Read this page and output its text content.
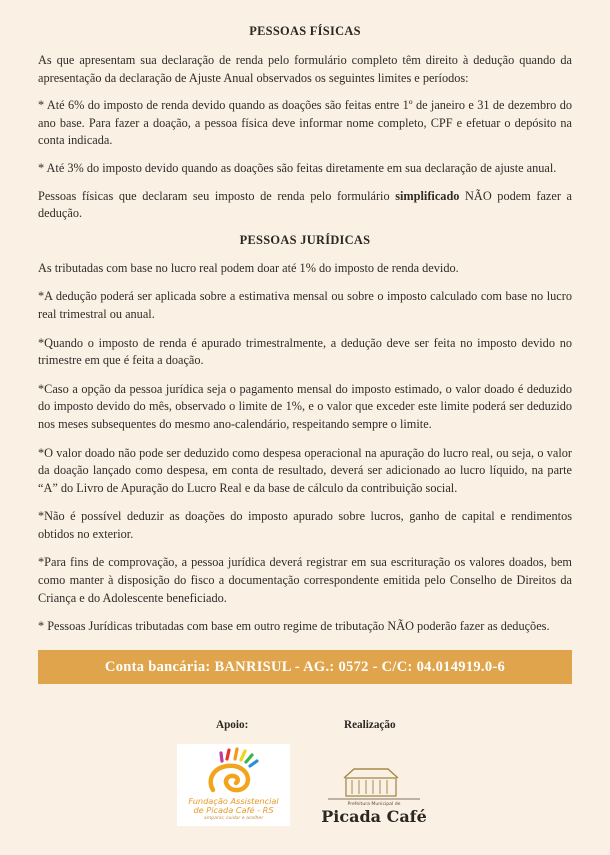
PESSOAS FÍSICAS

As que apresentam sua declaração de renda pelo formulário completo têm direito à dedução quando da apresentação da declaração de Ajuste Anual observados os seguintes limites e períodos:

* Até 6% do imposto de renda devido quando as doações são feitas entre 1º de janeiro e 31 de dezembro do ano base. Para fazer a doação, a pessoa física deve informar nome completo, CPF e efetuar o depósito na conta indicada.

* Até 3% do imposto devido quando as doações são feitas diretamente em sua declaração de ajuste anual.

Pessoas físicas que declaram seu imposto de renda pelo formulário simplificado NÃO podem fazer a dedução.

PESSOAS JURÍDICAS

As tributadas com base no lucro real podem doar até 1% do imposto de renda devido.

*A dedução poderá ser aplicada sobre a estimativa mensal ou sobre o imposto calculado com base no lucro real trimestral ou anual.

*Quando o imposto de renda é apurado trimestralmente, a dedução deve ser feita no imposto devido no trimestre em que é feita a doação.

*Caso a opção da pessoa jurídica seja o pagamento mensal do imposto estimado, o valor doado é deduzido do imposto devido do mês, observado o limite de 1%, e o valor que exceder este limite poderá ser deduzido nos meses subsequentes do mesmo ano-calendário, respeitando sempre o limite.

*O valor doado não pode ser deduzido como despesa operacional na apuração do lucro real, ou seja, o valor da doação lançado como despesa, em conta de resultado, deverá ser adicionado ao lucro líquido, na parte “A” do Livro de Apuração do Lucro Real e da base de cálculo da contribuição social.

*Não é possível deduzir as doações do imposto apurado sobre lucros, ganho de capital e rendimentos obtidos no exterior.

*Para fins de comprovação, a pessoa jurídica deverá registrar em sua escrituração os valores doados, bem como manter à disposição do fisco a documentação correspondente emitida pelo Conselho de Direitos da Criança e do Adolescente beneficiado.

* Pessoas Jurídicas tributadas com base em outro regime de tributação NÃO poderão fazer as deduções.

Conta bancária: BANRISUL - AG.: 0572 - C/C: 04.014919.0-6
Apoio:	Realização
Fundação Assistencial
de Picada Café - RS
amparar, cuidar e acolher
Prefeitura Municipal de
Picada Café
